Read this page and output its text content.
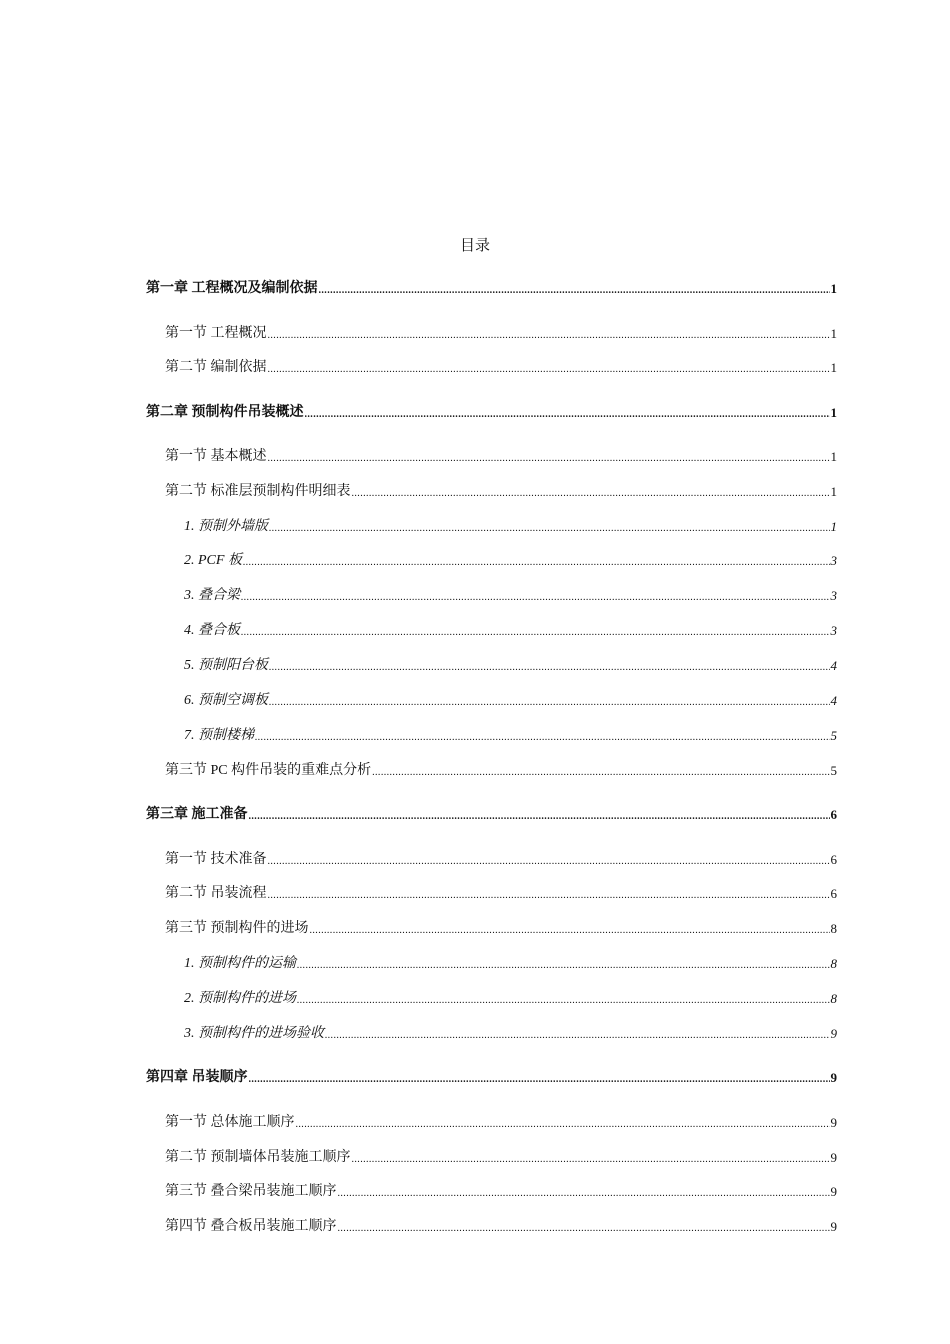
目录
第一章 工程概况及编制依据 .....	1
第一节 工程概况 .....	1
第二节 编制依据 .....	1
第二章 预制构件吊装概述 .....	1
第一节 基本概述 .....	1
第二节 标准层预制构件明细表 .....	1
1. 预制外墙版 .....	1
2. PCF 板 .....	3
3. 叠合梁 .....	3
4. 叠合板 .....	3
5. 预制阳台板 .....	4
6. 预制空调板 .....	4
7. 预制楼梯 .....	5
第三节 PC 构件吊装的重难点分析 .....	5
第三章 施工准备 .....	6
第一节 技术准备 .....	6
第二节 吊装流程 .....	6
第三节 预制构件的进场 .....	8
1. 预制构件的运输 .....	8
2. 预制构件的进场 .....	8
3. 预制构件的进场验收 .....	9
第四章 吊装顺序 .....	9
第一节 总体施工顺序 .....	9
第二节 预制墙体吊装施工顺序 .....	9
第三节 叠合梁吊装施工顺序 .....	9
第四节 叠合板吊装施工顺序 .....	9
